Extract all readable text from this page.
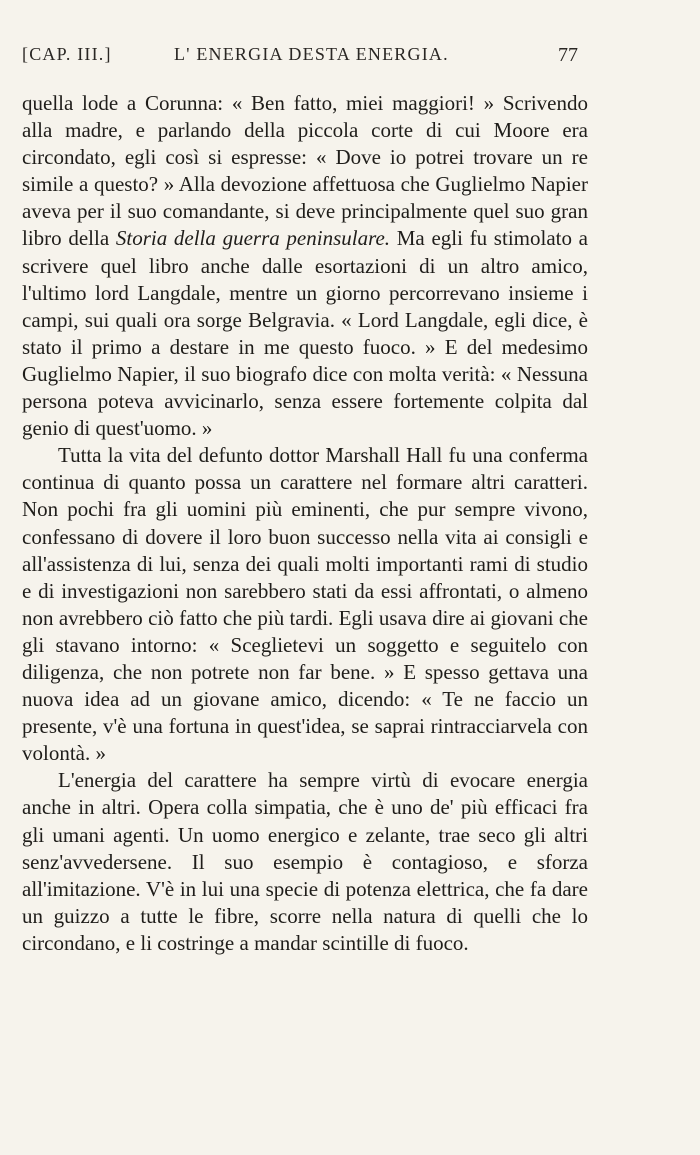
[CAP. III.]	L' ENERGIA DESTA ENERGIA.	77

quella lode a Corunna: « Ben fatto, miei maggiori! » Scrivendo alla madre, e parlando della piccola corte di cui Moore era circondato, egli così si espresse: « Dove io potrei trovare un re simile a questo? » Alla devozione affettuosa che Guglielmo Napier aveva per il suo comandante, si deve principalmente quel suo gran libro della Storia della guerra peninsulare. Ma egli fu stimolato a scrivere quel libro anche dalle esortazioni di un altro amico, l'ultimo lord Langdale, mentre un giorno percorrevano insieme i campi, sui quali ora sorge Belgravia. « Lord Langdale, egli dice, è stato il primo a destare in me questo fuoco. » E del medesimo Guglielmo Napier, il suo biografo dice con molta verità: « Nessuna persona poteva avvicinarlo, senza essere fortemente colpita dal genio di quest'uomo. »

Tutta la vita del defunto dottor Marshall Hall fu una conferma continua di quanto possa un carattere nel formare altri caratteri. Non pochi fra gli uomini più eminenti, che pur sempre vivono, confessano di dovere il loro buon successo nella vita ai consigli e all'assistenza di lui, senza dei quali molti importanti rami di studio e di investigazioni non sarebbero stati da essi affrontati, o almeno non avrebbero ciò fatto che più tardi. Egli usava dire ai giovani che gli stavano intorno: « Sceglietevi un soggetto e seguitelo con diligenza, che non potrete non far bene. » E spesso gettava una nuova idea ad un giovane amico, dicendo: « Te ne faccio un presente, v'è una fortuna in quest'idea, se saprai rintracciarvela con volontà. »

L'energia del carattere ha sempre virtù di evocare energia anche in altri. Opera colla simpatia, che è uno de' più efficaci fra gli umani agenti. Un uomo energico e zelante, trae seco gli altri senz'avvedersene. Il suo esempio è contagioso, e sforza all'imitazione. V'è in lui una specie di potenza elettrica, che fa dare un guizzo a tutte le fibre, scorre nella natura di quelli che lo circondano, e li costringe a mandar scintille di fuoco.
